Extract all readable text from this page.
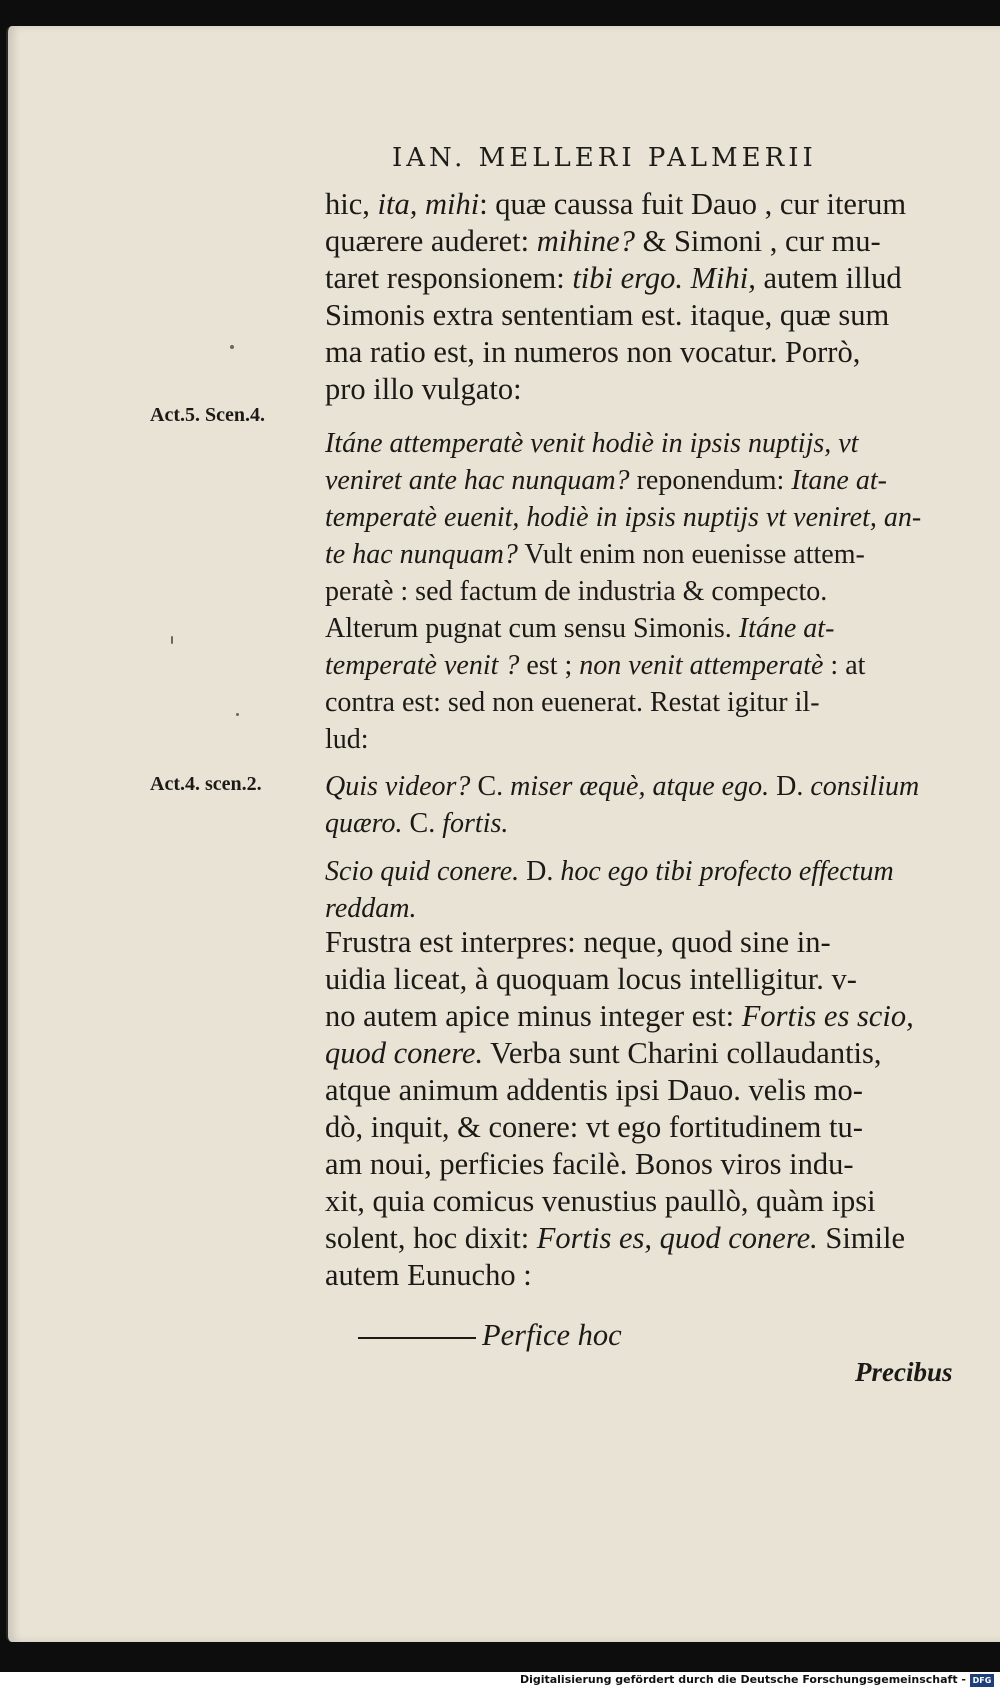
IAN. MELLERI PALMERII
Act.5. Scen.4.
Act.4. scen.2.
hic, ita, mihi: quæ caussa fuit Dauo , cur iterum
quærere auderet: mihine? & Simoni , cur mu-
taret responsionem: tibi ergo. Mihi, autem illud
Simonis extra sententiam est. itaque, quæ sum
ma ratio est, in numeros non vocatur. Porrò,
pro illo vulgato:
Itáne attemperatè venit hodiè in ipsis nuptijs, vt
veniret ante hac nunquam? reponendum: Itane at-
temperatè euenit, hodiè in ipsis nuptijs vt veniret, an-
te hac nunquam? Vult enim non euenisse attem-
peratè : sed factum de industria & compecto.
Alterum pugnat cum sensu Simonis. Itáne at-
temperatè venit ? est ; non venit attemperatè : at
contra est: sed non euenerat. Restat igitur il-
lud:
Quis videor? C. miser æquè, atque ego. D. consilium
quæro. C. fortis.
Scio quid conere. D. hoc ego tibi profecto effectum
reddam.
Frustra est interpres: neque, quod sine in-
uidia liceat, à quoquam locus intelligitur. v-
no autem apice minus integer est: Fortis es scio,
quod conere. Verba sunt Charini collaudantis,
atque animum addentis ipsi Dauo. velis mo-
dò, inquit, & conere: vt ego fortitudinem tu-
am noui, perficies facilè. Bonos viros indu-
xit, quia comicus venustius paullò, quàm ipsi
solent, hoc dixit: Fortis es, quod conere. Simile
autem Eunucho :
Perfice hoc
Precibus
Digitalisierung gefördert durch die Deutsche Forschungsgemeinschaft - DFG
